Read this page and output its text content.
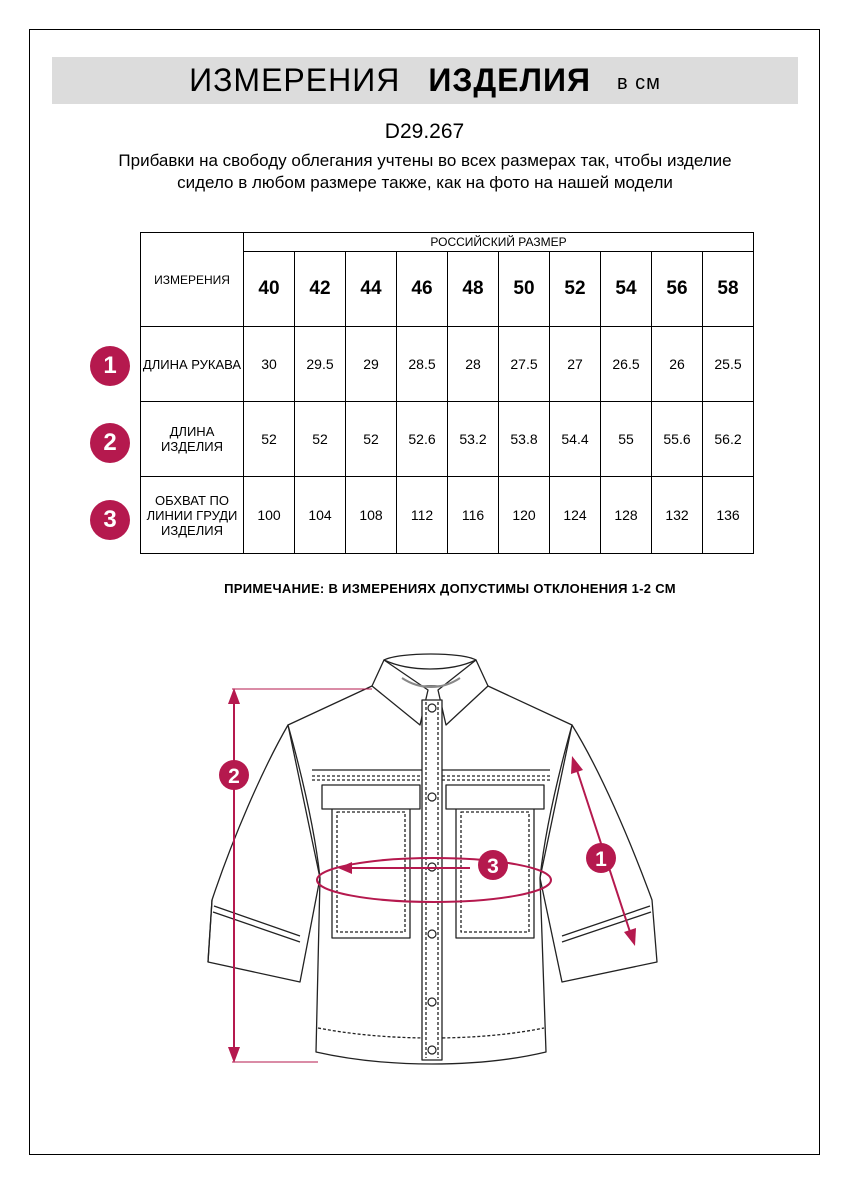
ИЗМЕРЕНИЯ ИЗДЕЛИЯ в см
D29.267
Прибавки на свободу облегания учтены во всех размерах так, чтобы изделие сидело в любом размере также, как на фото на нашей модели
ИЗМЕРЕНИЯ	РОССИЙСКИЙ РАЗМЕР									
	40	42	44	46	48	50	52	54	56	58
ДЛИНА РУКАВА	30	29.5	29	28.5	28	27.5	27	26.5	26	25.5
ДЛИНА ИЗДЕЛИЯ	52	52	52	52.6	53.2	53.8	54.4	55	55.6	56.2
ОБХВАТ ПО ЛИНИИ ГРУДИ ИЗДЕЛИЯ	100	104	108	112	116	120	124	128	132	136
1
2
3
ПРИМЕЧАНИЕ: В ИЗМЕРЕНИЯХ ДОПУСТИМЫ ОТКЛОНЕНИЯ 1-2 СМ
2
1
3
